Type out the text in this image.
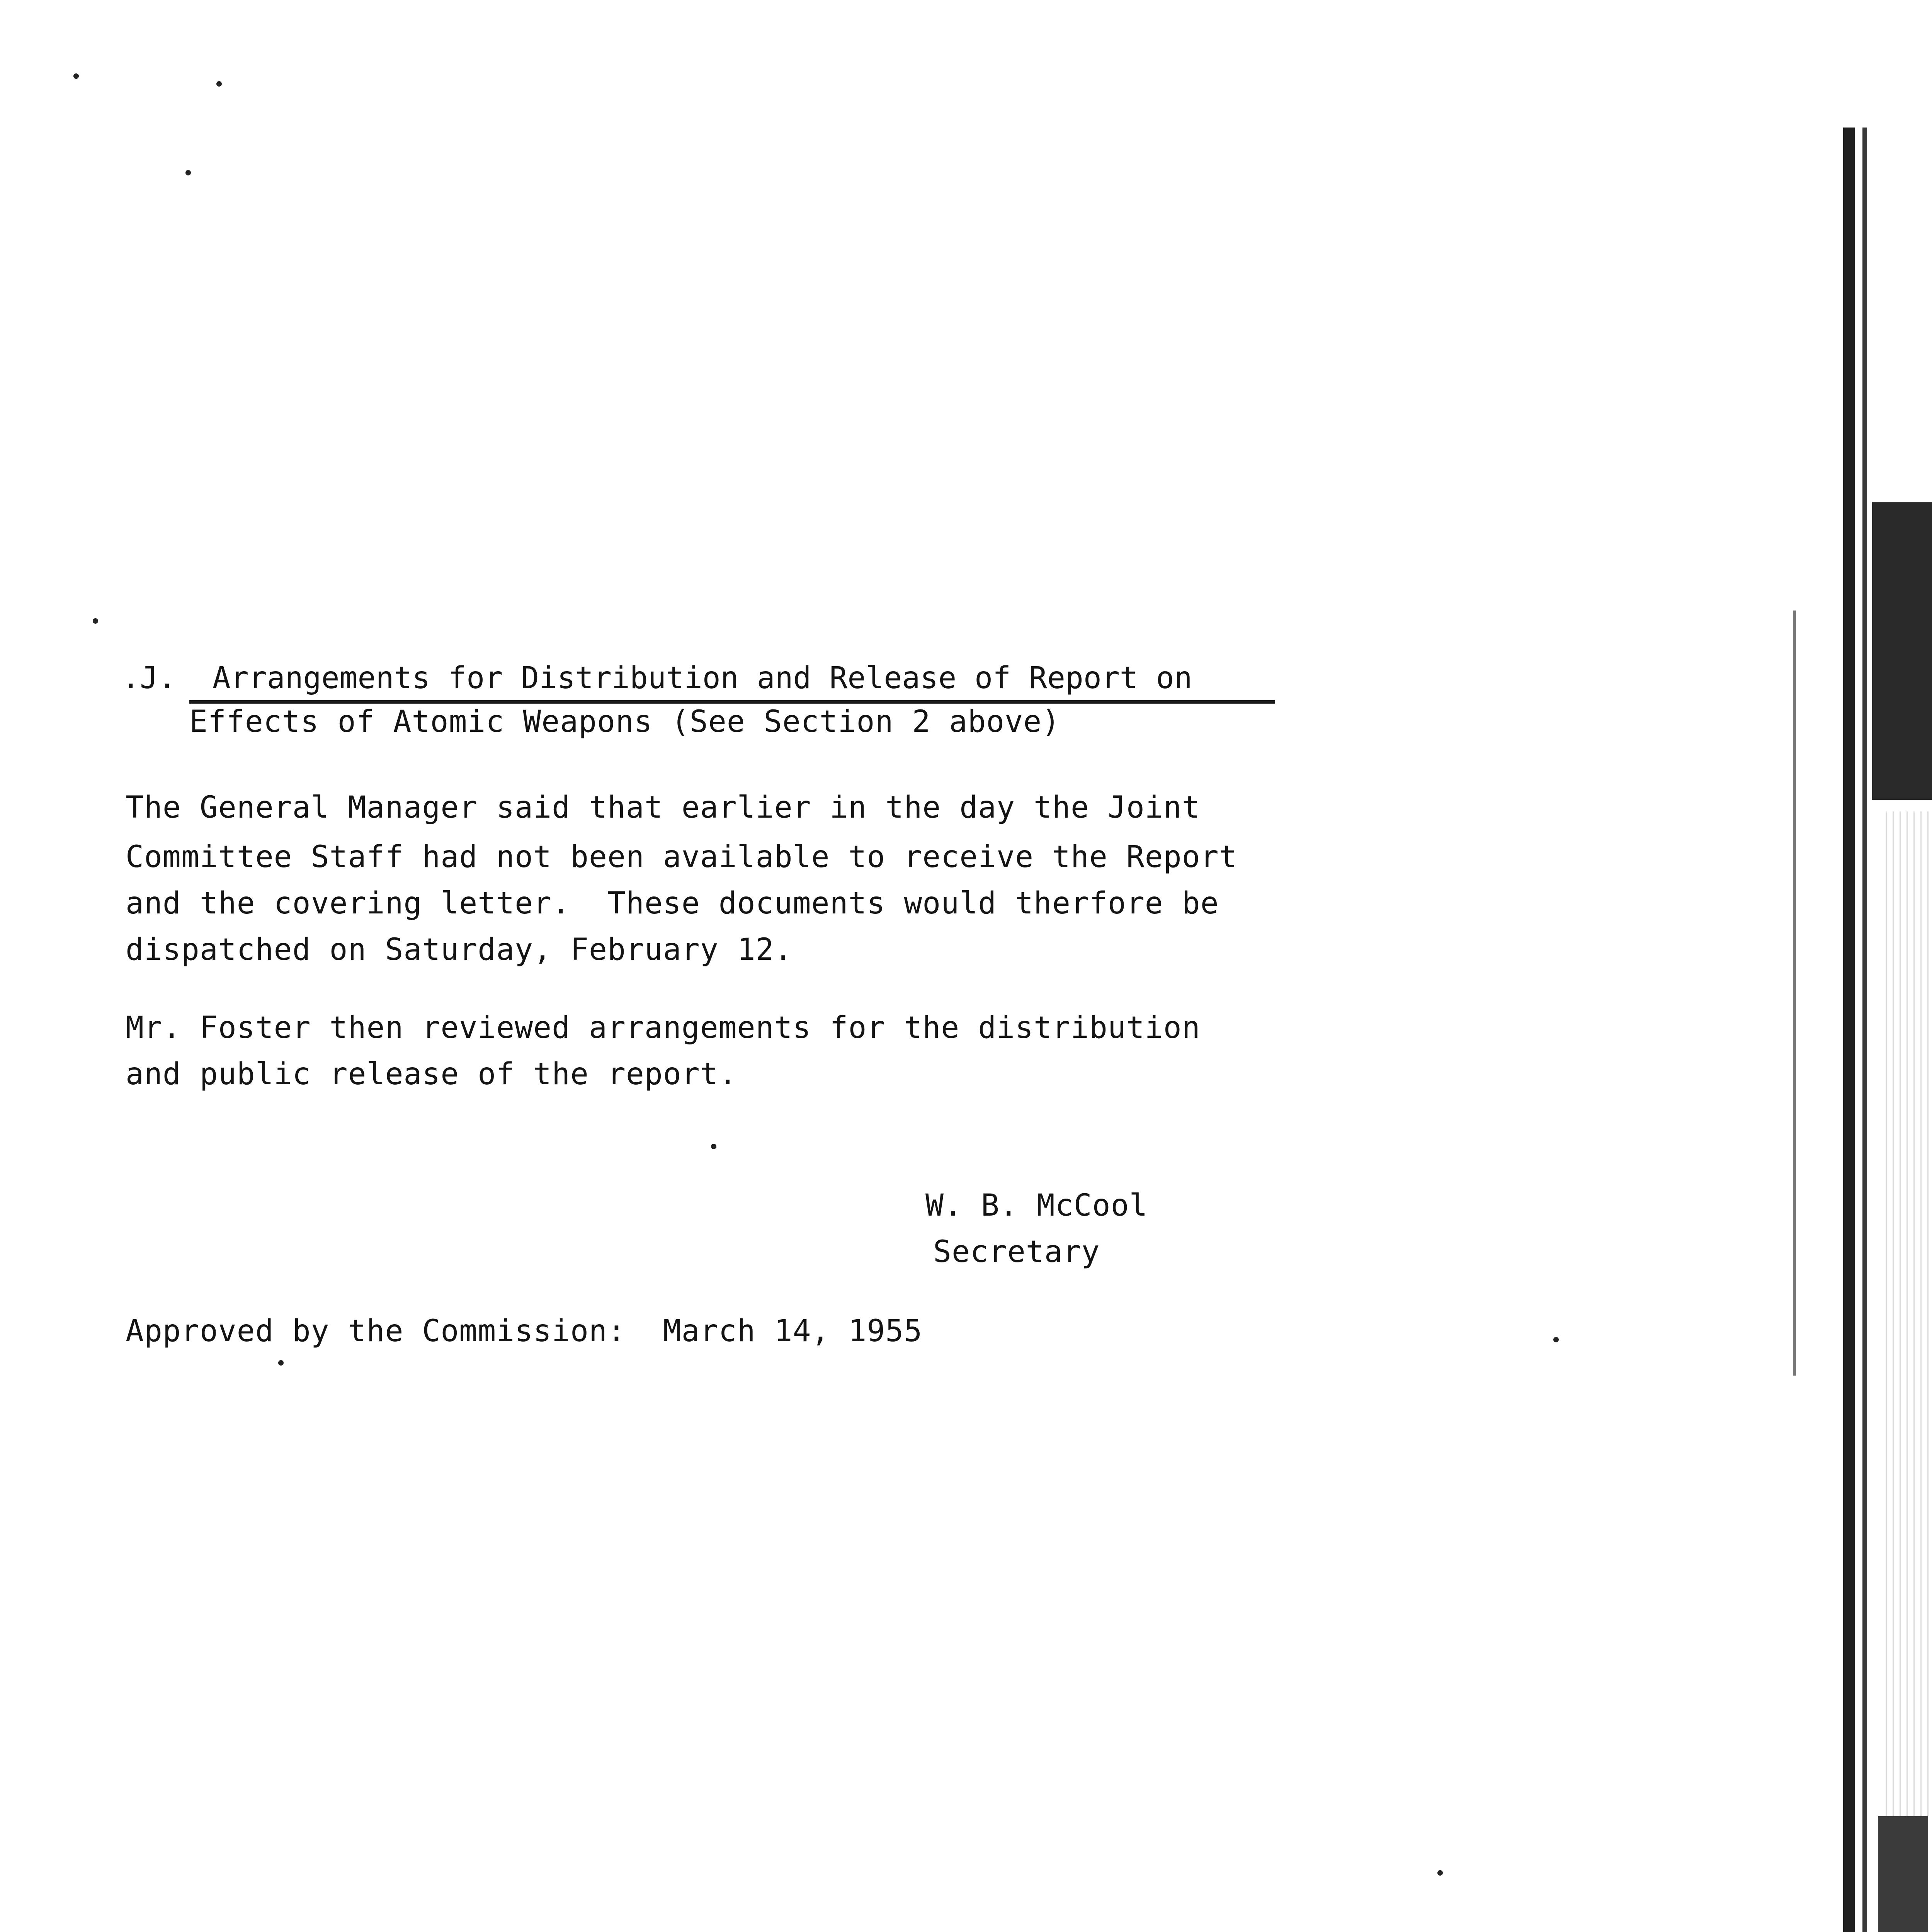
.J.  Arrangements for Distribution and Release of Report on
Effects of Atomic Weapons (See Section 2 above)
The General Manager said that earlier in the day the Joint
Committee Staff had not been available to receive the Report
and the covering letter.  These documents would therfore be
dispatched on Saturday, February 12.
Mr. Foster then reviewed arrangements for the distribution
and public release of the report.
W. B. McCool
Secretary
Approved by the Commission: March 14, 1955
